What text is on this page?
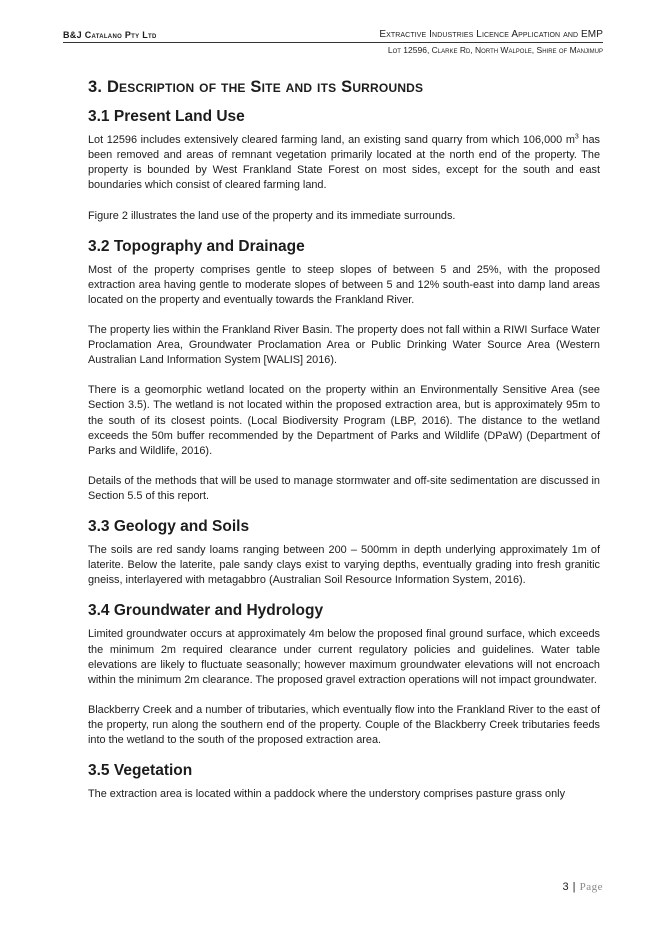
B&J Catalano Pty Ltd	Extractive Industries Licence Application and EMP
Lot 12596, Clarke Rd, North Walpole, Shire of Manjimup
3. Description of the Site and its Surrounds
3.1 Present Land Use

Lot 12596 includes extensively cleared farming land, an existing sand quarry from which 106,000 $m^3$ has been removed and areas of remnant vegetation primarily located at the north end of the property. The property is bounded by West Frankland State Forest on most sides, except for the south and east boundaries which consist of cleared farming land.

Figure 2 illustrates the land use of the property and its immediate surrounds.

3.2 Topography and Drainage

Most of the property comprises gentle to steep slopes of between 5 and 25%, with the proposed extraction area having gentle to moderate slopes of between 5 and 12% south-east into damp land areas located on the property and eventually towards the Frankland River.

The property lies within the Frankland River Basin. The property does not fall within a RIWI Surface Water Proclamation Area, Groundwater Proclamation Area or Public Drinking Water Source Area (Western Australian Land Information System [WALIS] 2016).

There is a geomorphic wetland located on the property within an Environmentally Sensitive Area (see Section 3.5). The wetland is not located within the proposed extraction area, but is approximately 95m to the south of its closest points. (Local Biodiversity Program (LBP, 2016). The distance to the wetland exceeds the 50m buffer recommended by the Department of Parks and Wildlife (DPaW) (Department of Parks and Wildlife, 2016).

Details of the methods that will be used to manage stormwater and off-site sedimentation are discussed in Section 5.5 of this report.

3.3 Geology and Soils

The soils are red sandy loams ranging between 200 – 500mm in depth underlying approximately 1m of laterite. Below the laterite, pale sandy clays exist to varying depths, eventually grading into fresh granitic gneiss, interlayered with metagabbro (Australian Soil Resource Information System, 2016).

3.4 Groundwater and Hydrology

Limited groundwater occurs at approximately 4m below the proposed final ground surface, which exceeds the minimum 2m required clearance under current regulatory policies and guidelines. Water table elevations are likely to fluctuate seasonally; however maximum groundwater elevations will not encroach within the minimum 2m clearance. The proposed gravel extraction operations will not impact groundwater.

Blackberry Creek and a number of tributaries, which eventually flow into the Frankland River to the east of the property, run along the southern end of the property. Couple of the Blackberry Creek tributaries feeds into the wetland to the south of the proposed extraction area.

3.5 Vegetation

The extraction area is located within a paddock where the understory comprises pasture grass only

3 | Page
